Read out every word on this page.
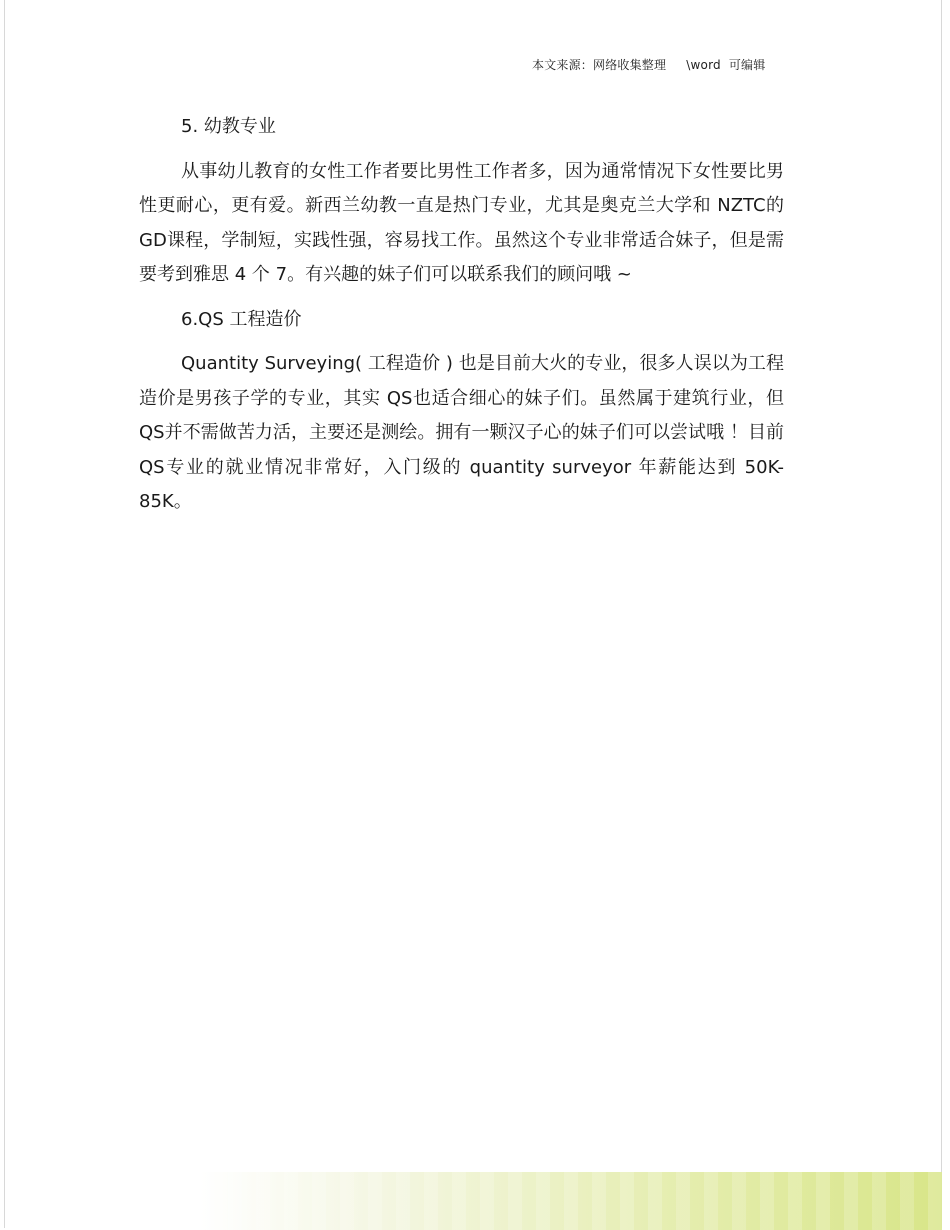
本文来源：网络收集整理     \word  可编辑
5. 幼教专业

从事幼儿教育的女性工作者要比男性工作者多，因为通常情况下女性要比男性更耐心，更有爱。新西兰幼教一直是热门专业，尤其是奥克兰大学和 NZTC的 GD课程，学制短，实践性强，容易找工作。虽然这个专业非常适合妹子，但是需要考到雅思 4 个 7。有兴趣的妹子们可以联系我们的顾问哦 ~

6.QS 工程造价

Quantity Surveying( 工程造价 ) 也是目前大火的专业，很多人误以为工程造价是男孩子学的专业，其实 QS也适合细心的妹子们。虽然属于建筑行业，但 QS并不需做苦力活，主要还是测绘。拥有一颗汉子心的妹子们可以尝试哦 ！目前 QS专业的就业情况非常好，入门级的 quantity surveyor 年薪能达到 50K-85K。
